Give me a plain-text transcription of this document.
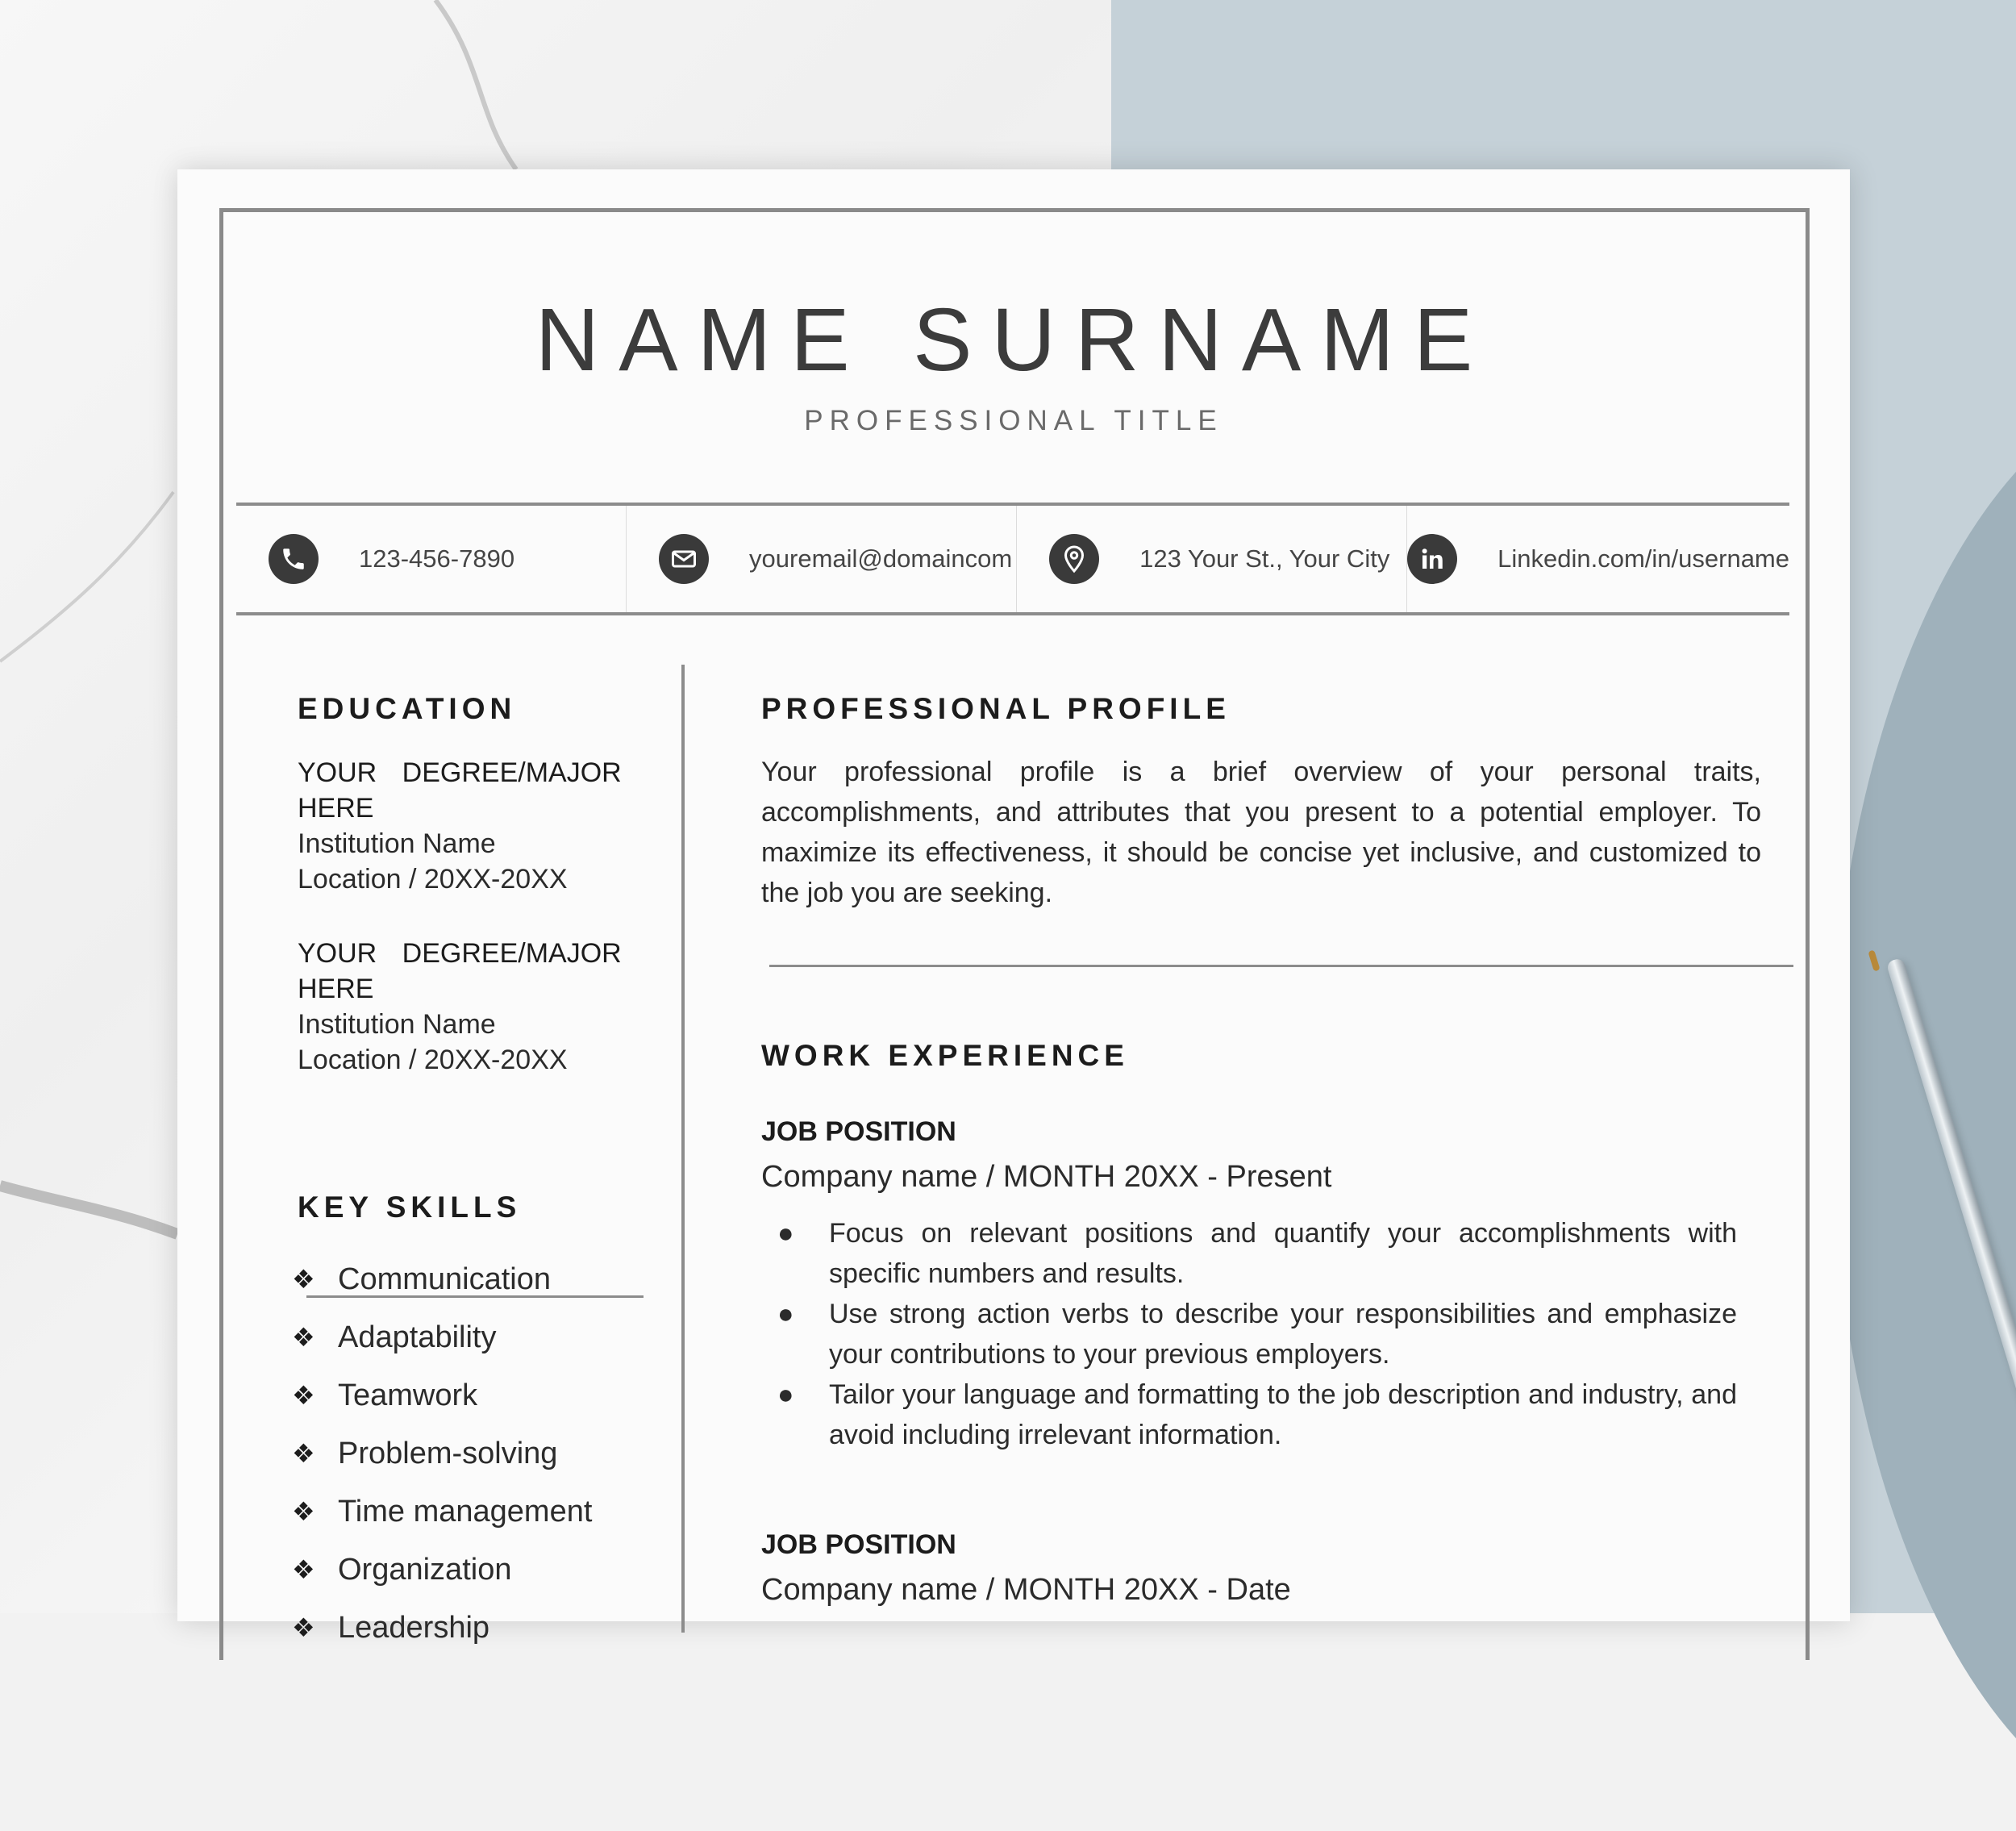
NAME SURNAME
PROFESSIONAL TITLE
123-456-7890	youremail@domaincom	123 Your St., Your City	Linkedin.com/in/username
EDUCATION
YOUR DEGREE/MAJOR HERE
Institution Name
Location / 20XX-20XX
YOUR DEGREE/MAJOR HERE
Institution Name
Location / 20XX-20XX
KEY SKILLS
❖ Communication
❖ Adaptability
❖ Teamwork
❖ Problem-solving
❖ Time management
❖ Organization
❖ Leadership
PROFESSIONAL PROFILE
Your professional profile is a brief overview of your personal traits, accomplishments, and attributes that you present to a potential employer. To maximize its effectiveness, it should be concise yet inclusive, and customized to the job you are seeking.
WORK EXPERIENCE
JOB POSITION
Company name / MONTH 20XX - Present
●	Focus on relevant positions and quantify your accomplishments with specific numbers and results.
●	Use strong action verbs to describe your responsibilities and emphasize your contributions to your previous employers.
●	Tailor your language and formatting to the job description and industry, and avoid including irrelevant information.
JOB POSITION
Company name / MONTH 20XX - Date
